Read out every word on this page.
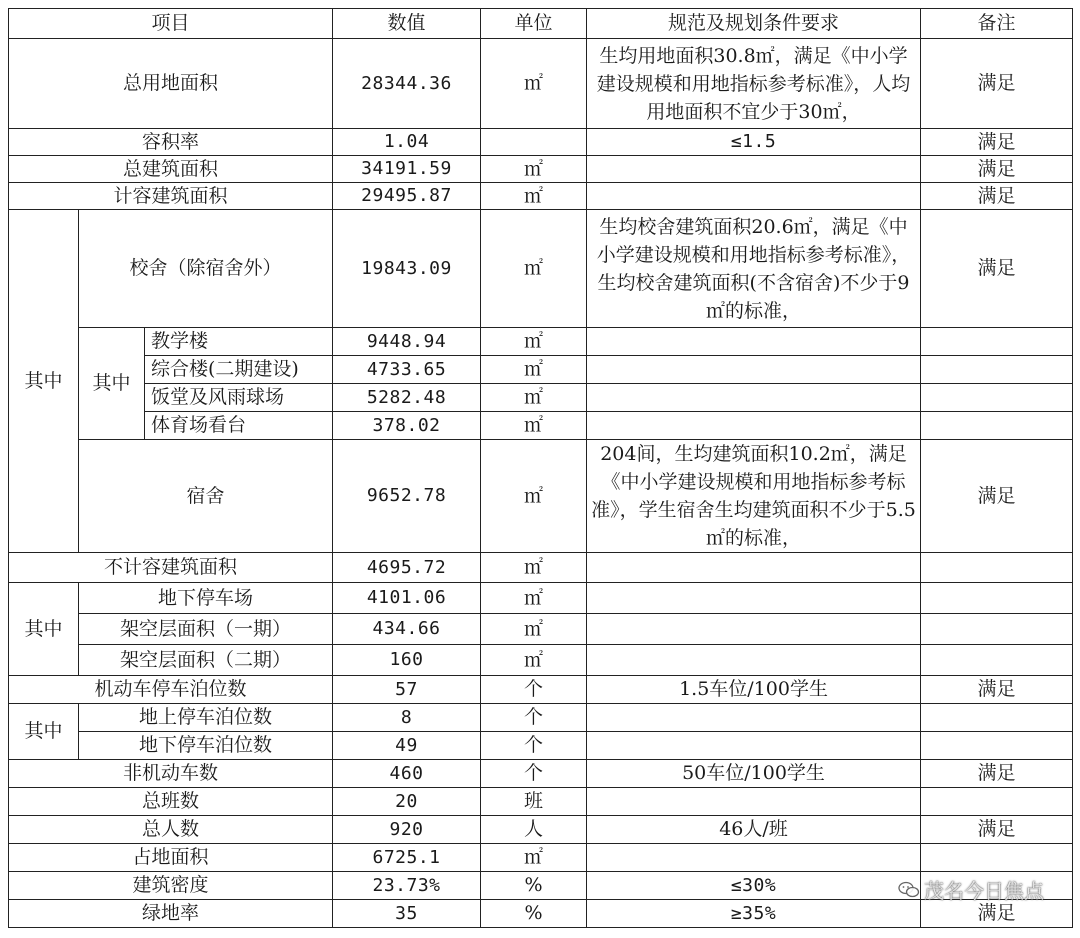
项目			数值	单位	规范及规划条件要求	备注
总用地面积			28344.36	㎡	生均用地面积30.8㎡，满足《中小学建设规模和用地指标参考标准》，人均用地面积不宜少于30㎡，	满足
容积率			1.04		≤1.5	满足
总建筑面积			34191.59	㎡		满足
计容建筑面积			29495.87	㎡		满足
其中	校舍（除宿舍外）		19843.09	㎡	生均校舍建筑面积20.6㎡，满足《中小学建设规模和用地指标参考标准》，生均校舍建筑面积(不含宿舍)不少于9㎡的标准，	满足
	其中	教学楼	9448.94	㎡		
		综合楼(二期建设)	4733.65	㎡		
		饭堂及风雨球场	5282.48	㎡		
		体育场看台	378.02	㎡		
	宿舍		9652.78	㎡	204间，生均建筑面积10.2㎡，满足《中小学建设规模和用地指标参考标准》，学生宿舍生均建筑面积不少于5.5㎡的标准，	满足
不计容建筑面积			4695.72	㎡		
其中	地下停车场		4101.06	㎡		
	架空层面积（一期）		434.66	㎡		
	架空层面积（二期）		160	㎡		
机动车停车泊位数			57	个	1.5车位/100学生	满足
其中	地上停车泊位数		8	个		
	地下停车泊位数		49	个		
非机动车数			460	个	50车位/100学生	满足
总班数			20	班		
总人数			920	人	46人/班	满足
占地面积			6725.1	㎡		
建筑密度			23.73%	%	≤30%	
绿地率			35	%	≥35%	满足
茂名今日焦点
